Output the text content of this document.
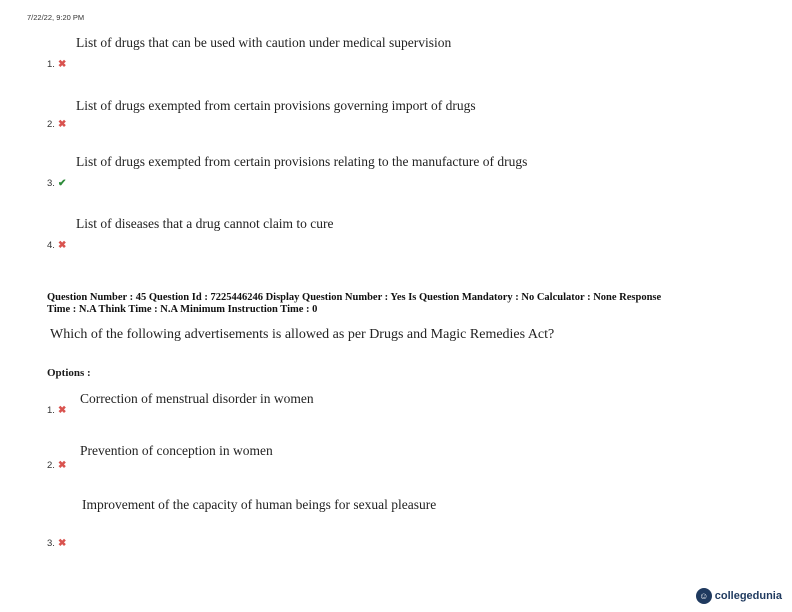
7/22/22, 9:20 PM
List of drugs that can be used with caution under medical supervision
1. ✖
List of drugs exempted from certain provisions governing import of drugs
2. ✖
List of drugs exempted from certain provisions relating to the manufacture of drugs
3. ✔
List of diseases that a drug cannot claim to cure
4. ✖
Question Number : 45 Question Id : 7225446246 Display Question Number : Yes Is Question Mandatory : No Calculator : None Response
Time : N.A Think Time : N.A Minimum Instruction Time : 0
Which of the following advertisements is allowed as per Drugs and Magic Remedies Act?
Options :
Correction of menstrual disorder in women
1. ✖
Prevention of conception in women
2. ✖
Improvement of the capacity of human beings for sexual pleasure
3. ✖
☺ collegedunia
